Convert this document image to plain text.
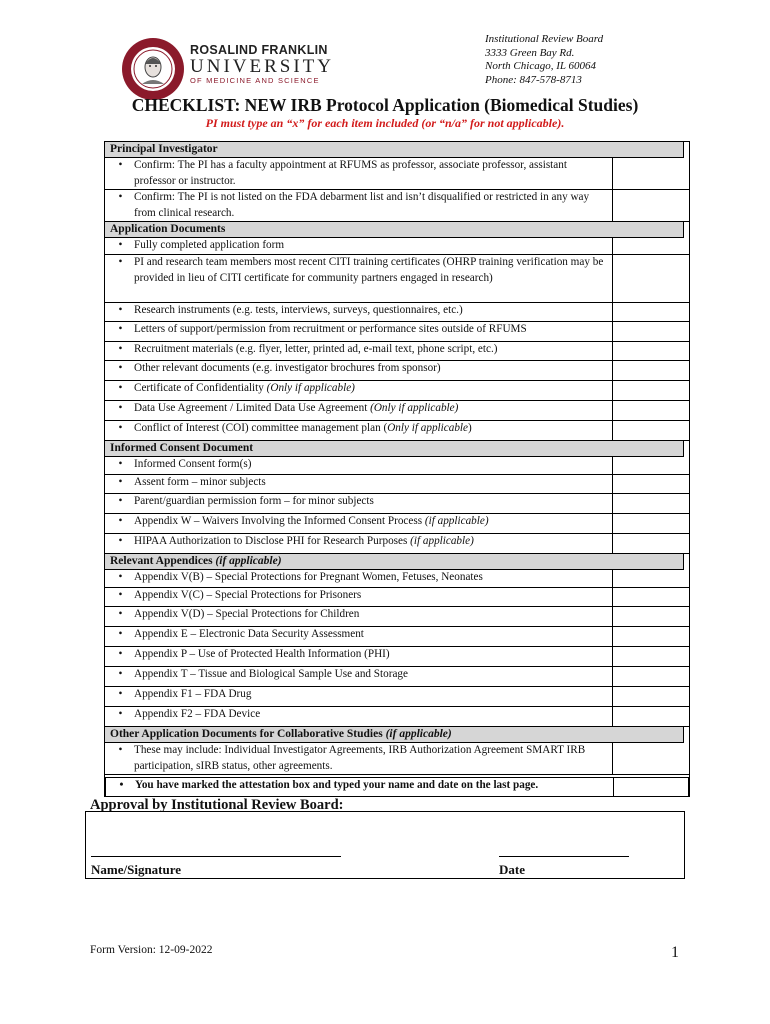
ROSALIND FRANKLIN
UNIVERSITY
OF MEDICINE AND SCIENCE
Institutional Review Board
3333 Green Bay Rd.
North Chicago, IL 60064
Phone: 847-578-8713
CHECKLIST: NEW IRB Protocol Application (Biomedical Studies)
PI must type an “x” for each item included (or “n/a” for not applicable).
Principal Investigator
•	Confirm: The PI has a faculty appointment at RFUMS as professor, associate professor, assistant professor or instructor.
•	Confirm: The PI is not listed on the FDA debarment list and isn’t disqualified or restricted in any way from clinical research.
Application Documents
•	Fully completed application form
•	PI and research team members most recent CITI training certificates (OHRP training verification may be provided in lieu of CITI certificate for community partners engaged in research)
•	Research instruments (e.g. tests, interviews, surveys, questionnaires, etc.)
•	Letters of support/permission from recruitment or performance sites outside of RFUMS
•	Recruitment materials (e.g. flyer, letter, printed ad, e-mail text, phone script, etc.)
•	Other relevant documents (e.g. investigator brochures from sponsor)
•	Certificate of Confidentiality (Only if applicable)
•	Data Use Agreement / Limited Data Use Agreement (Only if applicable)
•	Conflict of Interest (COI) committee management plan (Only if applicable)
Informed Consent Document
•	Informed Consent form(s)
•	Assent form – minor subjects
•	Parent/guardian permission form – for minor subjects
•	Appendix W – Waivers Involving the Informed Consent Process (if applicable)
•	HIPAA Authorization to Disclose PHI for Research Purposes (if applicable)
Relevant Appendices (if applicable)
•	Appendix V(B) – Special Protections for Pregnant Women, Fetuses, Neonates
•	Appendix V(C) – Special Protections for Prisoners
•	Appendix V(D) – Special Protections for Children
•	Appendix E – Electronic Data Security Assessment
•	Appendix P – Use of Protected Health Information (PHI)
•	Appendix T – Tissue and Biological Sample Use and Storage
•	Appendix F1 – FDA Drug
•	Appendix F2 – FDA Device
Other Application Documents for Collaborative Studies (if applicable)
•	These may include: Individual Investigator Agreements, IRB Authorization Agreement SMART IRB participation, sIRB status, other agreements.
•	You have marked the attestation box and typed your name and date on the last page.
Approval by Institutional Review Board:
Name/Signature	Date
Form Version: 12-09-2022	1
